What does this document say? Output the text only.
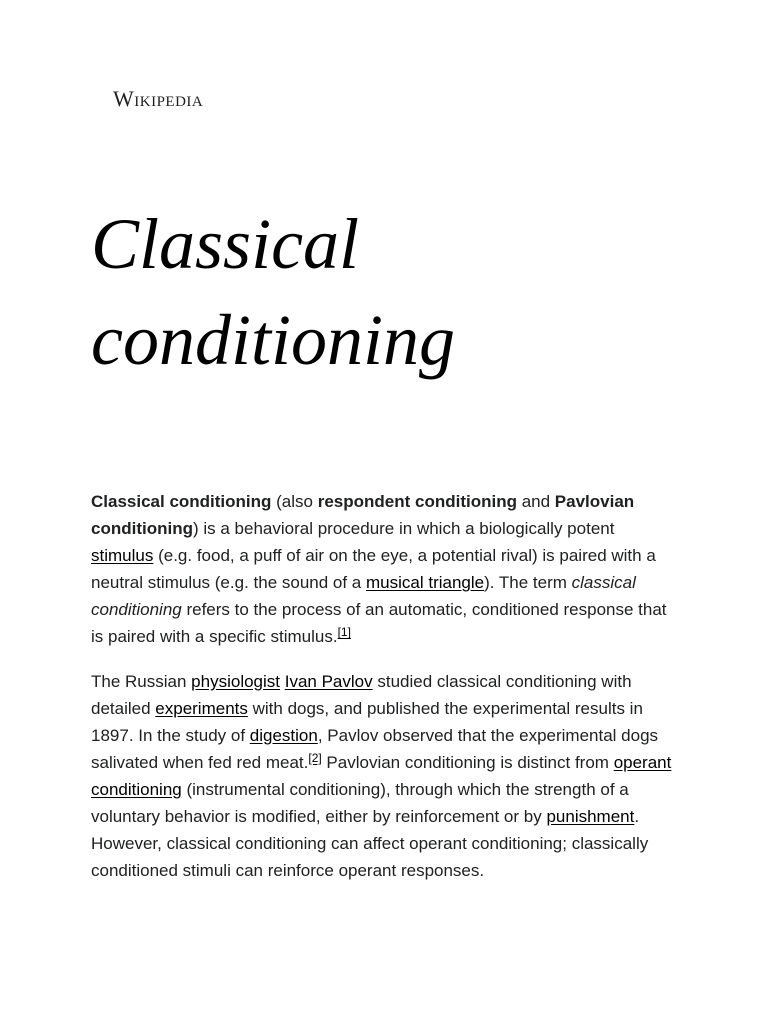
Wikipedia
Classical conditioning

Classical conditioning (also respondent conditioning and Pavlovian conditioning) is a behavioral procedure in which a biologically potent stimulus (e.g. food, a puff of air on the eye, a potential rival) is paired with a neutral stimulus (e.g. the sound of a musical triangle). The term classical conditioning refers to the process of an automatic, conditioned response that is paired with a specific stimulus.[1]

The Russian physiologist Ivan Pavlov studied classical conditioning with detailed experiments with dogs, and published the experimental results in 1897. In the study of digestion, Pavlov observed that the experimental dogs salivated when fed red meat.[2] Pavlovian conditioning is distinct from operant conditioning (instrumental conditioning), through which the strength of a voluntary behavior is modified, either by reinforcement or by punishment. However, classical conditioning can affect operant conditioning; classically conditioned stimuli can reinforce operant responses.
